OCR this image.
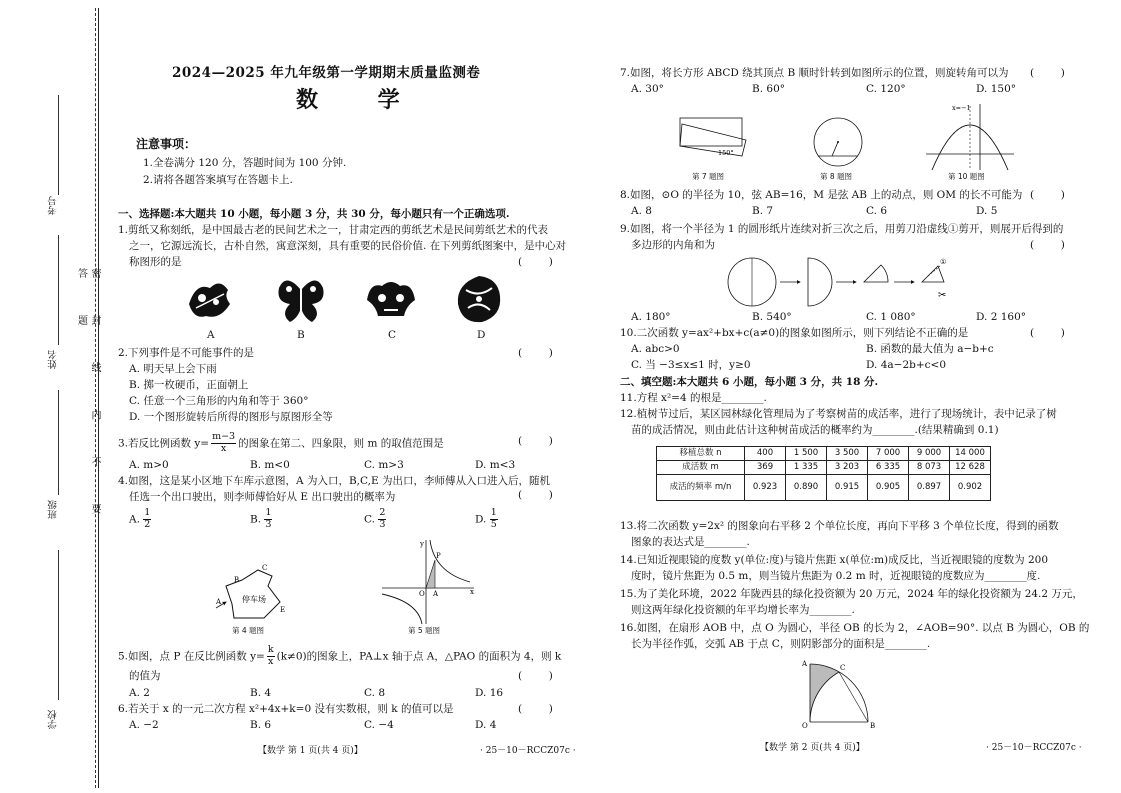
密 封 线 内 不 要 答 题
考号
姓名
班级
学校
2024—2025 年九年级第一学期期末质量监测卷
数 学
注意事项：
1.全卷满分 120 分，答题时间为 100 分钟.
2.请将各题答案填写在答题卡上.
一、选择题:本大题共 10 小题，每小题 3 分，共 30 分，每小题只有一个正确选项.
1.剪纸又称刻纸，是中国最古老的民间艺术之一，甘肃定西的剪纸艺术是民间剪纸艺术的代表
之一，它源远流长，古朴自然，寓意深刻，具有重要的民俗价值. 在下列剪纸图案中，是中心对
称图形的是	(        )
A	B	C	D
2.下列事件是不可能事件的是	(        )
A. 明天早上会下雨
B. 掷一枚硬币，正面朝上
C. 任意一个三角形的内角和等于 360°
D. 一个图形旋转后所得的图形与原图形全等
3.若反比例函数 $y= \frac{m-3}{x}$ 的图象在第二、四象限，则 m 的取值范围是	(        )
A. m>0	B. m<0	C. m>3	D. m<3
4.如图，这是某小区地下车库示意图，A 为入口，B,C,E 为出口，李师傅从入口进入后，随机
任选一个出口驶出，则李师傅恰好从 E 出口驶出的概率为	(        )
A. $\frac{1}{2}$	B. $\frac{1}{3}$	C. $\frac{2}{3}$	D. $\frac{1}{5}$
B
C
A
E
停车场
第 4 题图
y
P
O A	x
第 5 题图
5.如图，点 P 在反比例函数 $y= \frac{k}{x} (k\ne 0)$的图象上，PA⊥x 轴于点 A，△PAO 的面积为 4，则 k
的值为	(        )
A. 2	B. 4	C. 8	D. 16
6.若关于 x 的一元二次方程 x²+4x+k=0 没有实数根，则 k 的值可以是	(        )
A. −2	B. 6	C. −4	D. 4
【数学 第 1 页(共 4 页)】	· 25－10－RCCZ07c ·
7.如图，将长方形 ABCD 绕其顶点 B 顺时针转到如图所示的位置，则旋转角可以为 (        )
A. 30°	B. 60°	C. 120°	D. 150°
150°
第 7 题图	第 8 题图
x=−1
第 10 题图
8.如图，⊙O 的半径为 10，弦 AB=16，M 是弦 AB 上的动点，则 OM 的长不可能为 (        )
A. 8	B. 7	C. 6	D. 5
9.如图，将一个半径为 1 的圆形纸片连续对折三次之后，用剪刀沿虚线①剪开，则展开后得到的
多边形的内角和为	(        )
①
✂
A. 180°	B. 540°	C. 1 080°	D. 2 160°
10.二次函数 y=ax²+bx+c(a≠0)的图象如图所示，则下列结论不正确的是	(        )
A. abc>0	B. 函数的最大值为 a−b+c
C. 当 −3≤x≤1 时，y≥0	D. 4a−2b+c<0
二、填空题:本大题共 6 小题，每小题 3 分，共 18 分.
11.方程 x²=4 的根是________.
12.植树节过后，某区园林绿化管理局为了考察树苗的成活率，进行了现场统计，表中记录了树
苗的成活情况，则由此估计这种树苗成活的概率约为________.(结果精确到 0.1)
移植总数 n	400	1 500	3 500	7 000	9 000	14 000
成活数 m	369	1 335	3 203	6 335	8 073	12 628
成活的频率 m/n	0.923	0.890	0.915	0.905	0.897	0.902
13.将二次函数 y=2x² 的图象向右平移 2 个单位长度，再向下平移 3 个单位长度，得到的函数
图象的表达式是________.
14.已知近视眼镜的度数 y(单位:度)与镜片焦距 x(单位:m)成反比，当近视眼镜的度数为 200
度时，镜片焦距为 0.5 m，则当镜片焦距为 0.2 m 时，近视眼镜的度数应为________度.
15.为了美化环境，2022 年陇西县的绿化投资额为 20 万元，2024 年的绿化投资额为 24.2 万元，
则这两年绿化投资额的年平均增长率为________.
16.如图，在扇形 AOB 中，点 O 为圆心，半径 OB 的长为 2，∠AOB=90°. 以点 B 为圆心，OB 的
长为半径作弧，交弧 AB 于点 C，则阴影部分的面积是________.
A	C
O	B
【数学 第 2 页(共 4 页)】	· 25－10－RCCZ07c ·
